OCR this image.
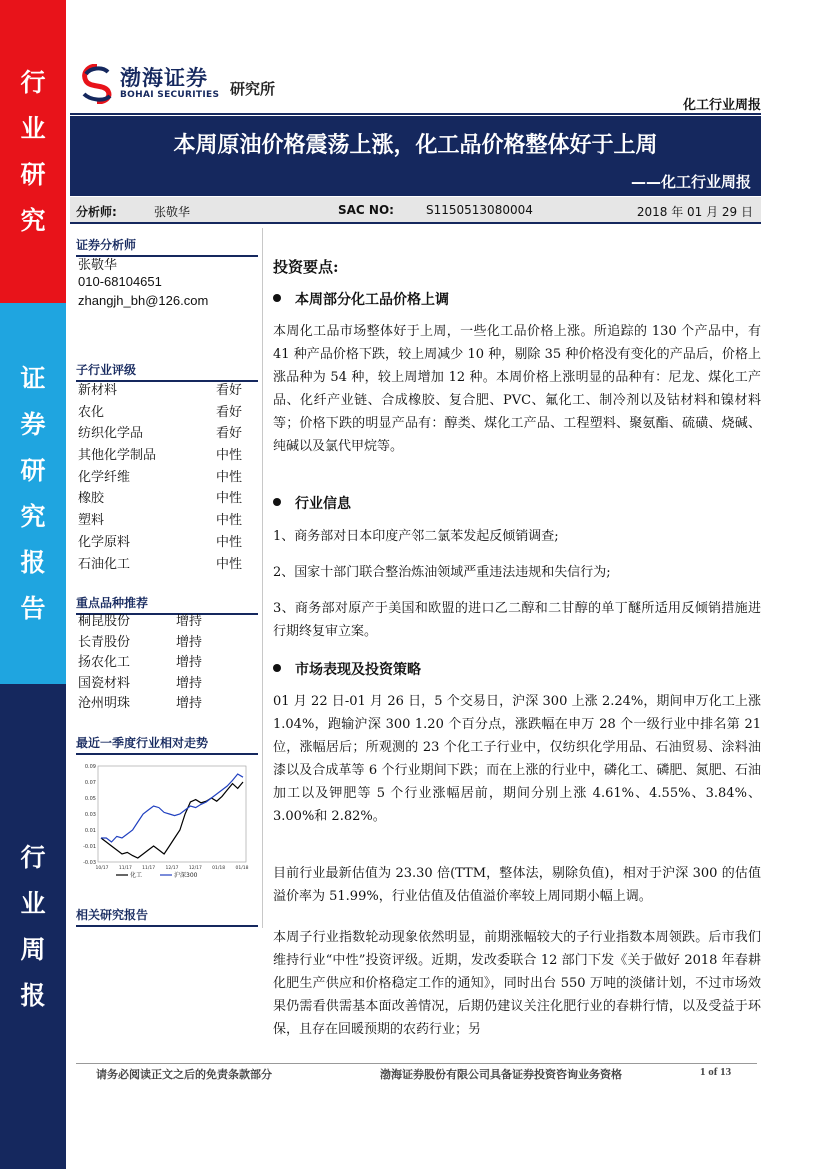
行
业
研
究
证
券
研
究
报
告
行
业
周
报
渤海证券
BOHAI SECURITIES 研究所
化工行业周报
本周原油价格震荡上涨，化工品价格整体好于上周
——化工行业周报
分析师:	张敬华	SAC NO:	S1150513080004	2018 年 01 月 29 日
证券分析师
张敬华
010-68104651
zhangjh_bh@126.com
子行业评级
新材料	看好
农化	看好
纺织化学品	看好
其他化学制品	中性
化学纤维	中性
橡胶	中性
塑料	中性
化学原料	中性
石油化工	中性
重点品种推荐
桐昆股份	增持
长青股份	增持
扬农化工	增持
国瓷材料	增持
沧州明珠	增持
最近一季度行业相对走势
0.09
0.07
0.05
0.03
0.01
-0.01
-0.03
10/17 11/17 11/17 12/17 12/17 01/18 01/18
化工	沪深300
相关研究报告
投资要点:
本周部分化工品价格上调
本周化工品市场整体好于上周，一些化工品价格上涨。所追踪的 130 个产品中，有 41 种产品价格下跌，较上周减少 10 种，剔除 35 种价格没有变化的产品后，价格上涨品种为 54 种，较上周增加 12 种。本周价格上涨明显的品种有：尼龙、煤化工产品、化纤产业链、合成橡胶、复合肥、PVC、氟化工、制冷剂以及钴材料和镍材料等；价格下跌的明显产品有：醇类、煤化工产品、工程塑料、聚氨酯、硫磺、烧碱、纯碱以及氯代甲烷等。
行业信息
1、商务部对日本印度产邻二氯苯发起反倾销调查;
2、国家十部门联合整治炼油领域严重违法违规和失信行为;
3、商务部对原产于美国和欧盟的进口乙二醇和二甘醇的单丁醚所适用反倾销措施进行期终复审立案。
市场表现及投资策略
01 月 22 日-01 月 26 日，5 个交易日，沪深 300 上涨 2.24%，期间申万化工上涨 1.04%，跑输沪深 300 1.20 个百分点，涨跌幅在申万 28 个一级行业中排名第 21 位，涨幅居后；所观测的 23 个化工子行业中，仅纺织化学用品、石油贸易、涂料油漆以及合成革等 6 个行业期间下跌；而在上涨的行业中，磷化工、磷肥、氮肥、石油加工以及钾肥等 5 个行业涨幅居前，期间分别上涨 4.61%、4.55%、3.84%、3.00%和 2.82%。
目前行业最新估值为 23.30 倍(TTM，整体法，剔除负值)，相对于沪深 300 的估值溢价率为 51.99%，行业估值及估值溢价率较上周同期小幅上调。
本周子行业指数轮动现象依然明显，前期涨幅较大的子行业指数本周领跌。后市我们维持行业“中性”投资评级。近期，发改委联合 12 部门下发《关于做好 2018 年春耕化肥生产供应和价格稳定工作的通知》，同时出台 550 万吨的淡储计划，不过市场效果仍需看供需基本面改善情况，后期仍建议关注化肥行业的春耕行情，以及受益于环保，且存在回暖预期的农药行业；另
请务必阅读正文之后的免责条款部分	渤海证券股份有限公司具备证券投资咨询业务资格	1 of 13
